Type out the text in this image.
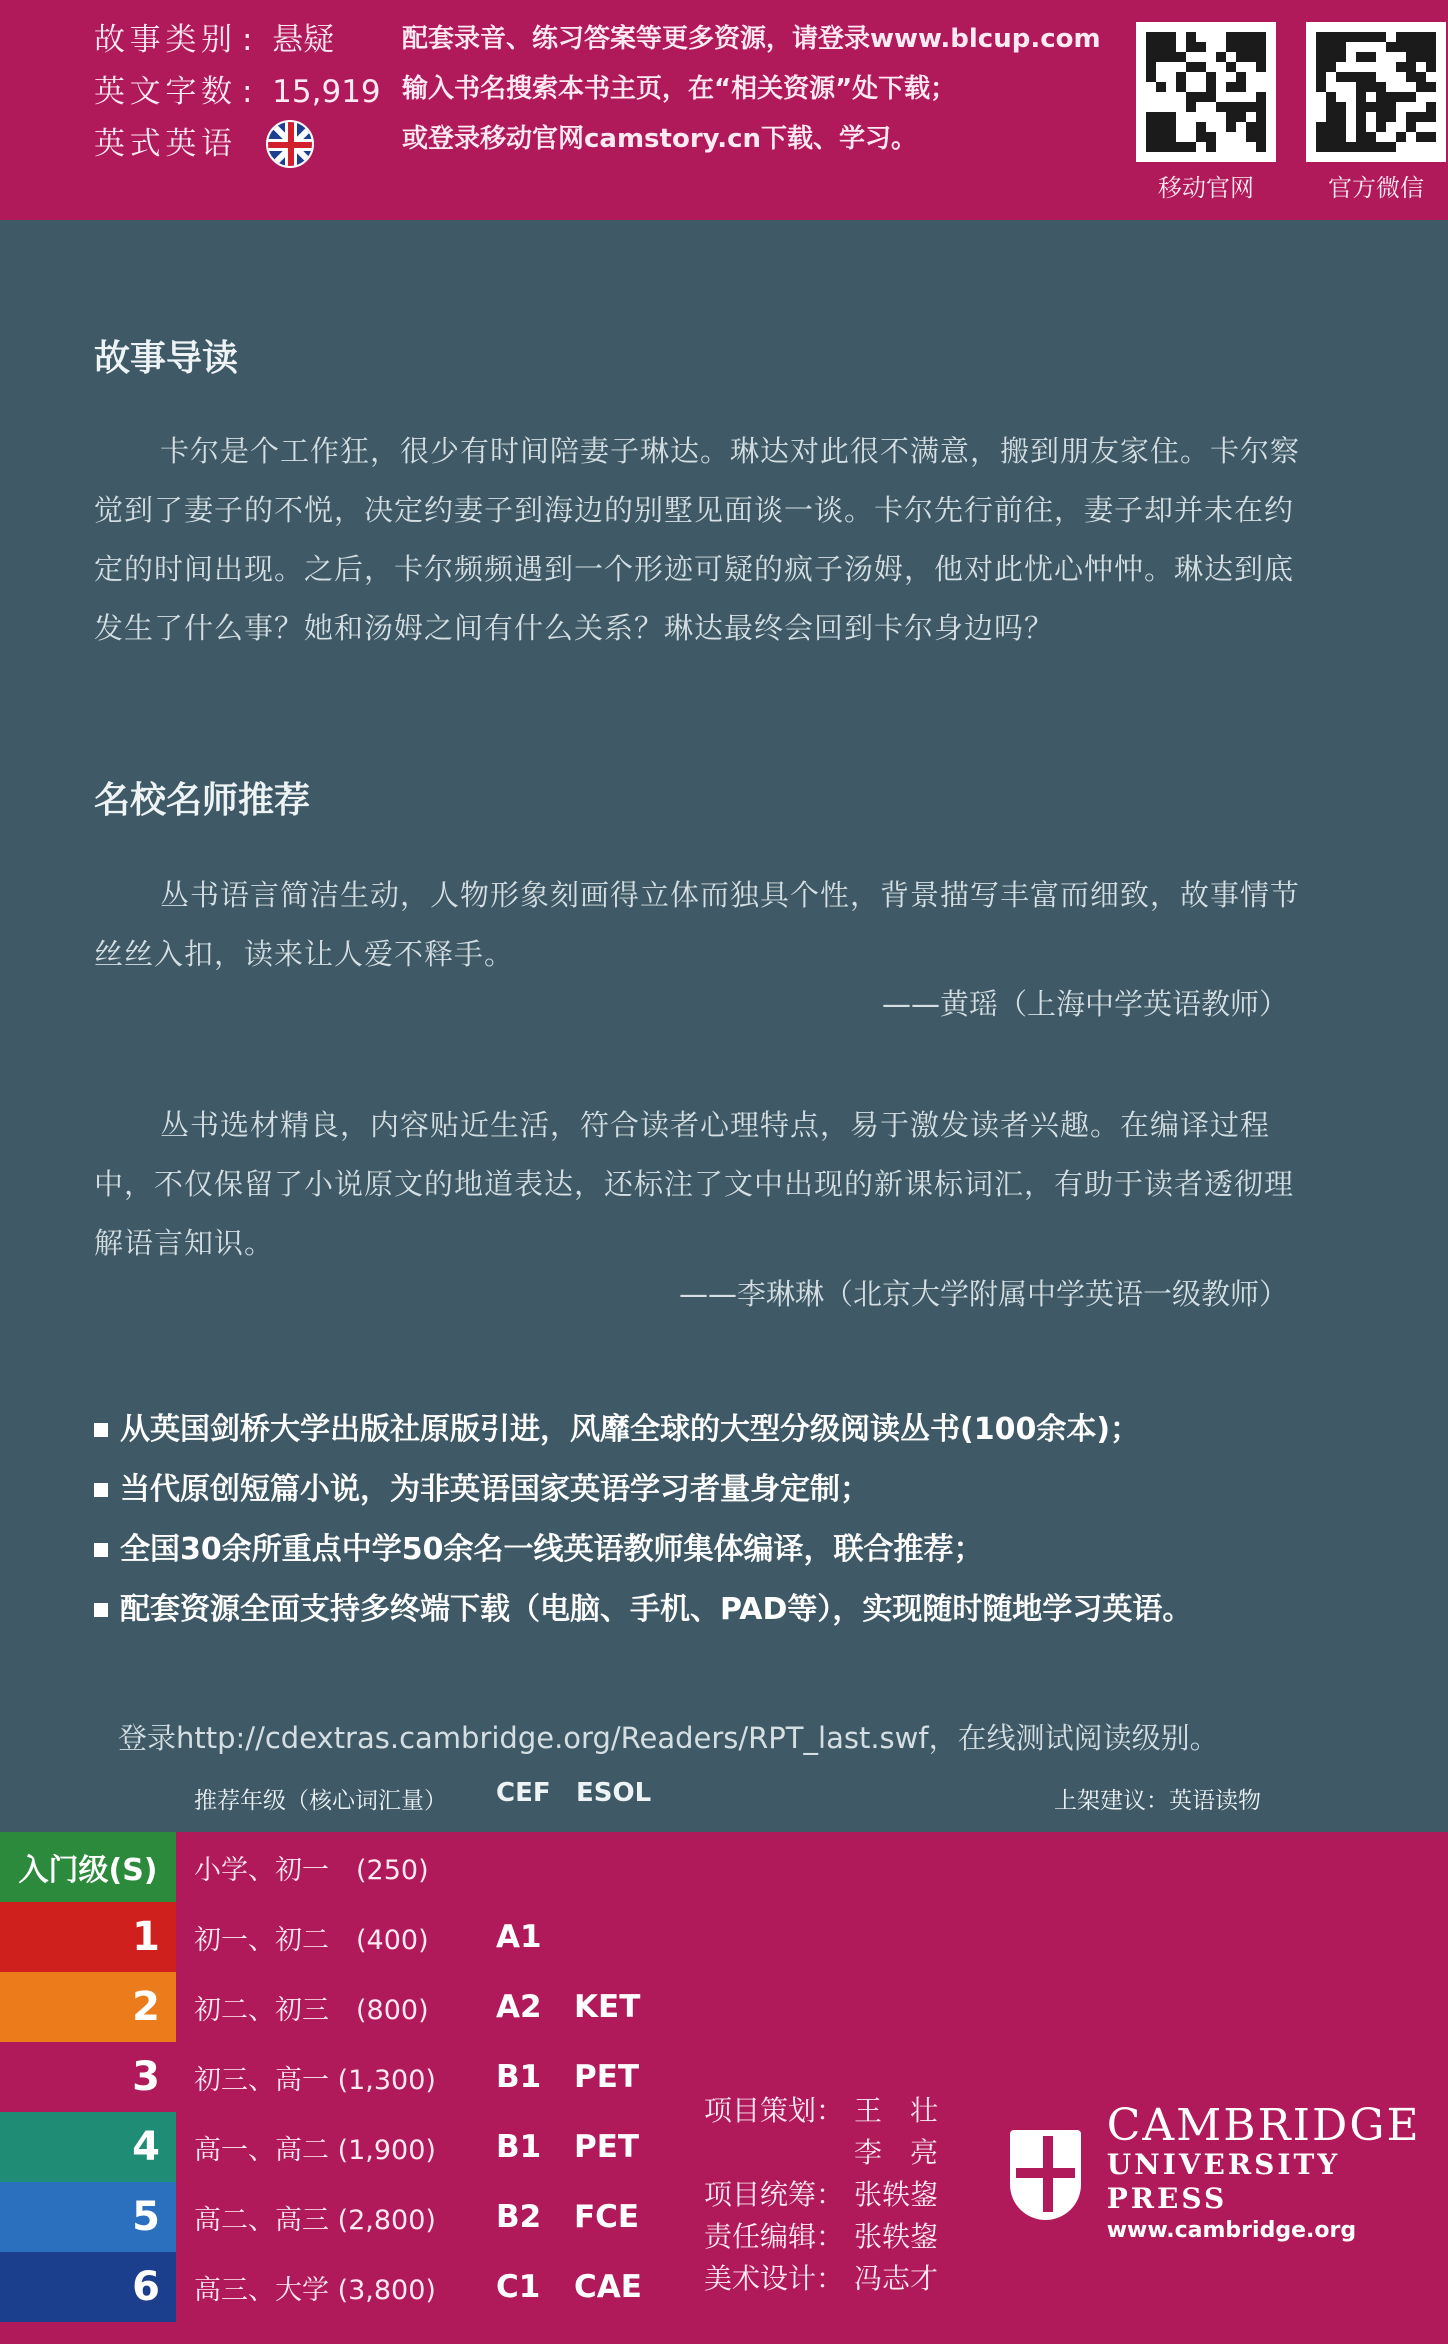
故事类别 :
悬疑
英文字数 :
15,919
英式英语
配套录音、练习答案等更多资源，请登录www.blcup.com
输入书名搜索本书主页，在“相关资源”处下载；
或登录移动官网camstory.cn下载、学习。
移动官网	官方微信
故事导读
卡尔是个工作狂，很少有时间陪妻子琳达。琳达对此很不满意，搬到朋友家住。卡尔察觉到了妻子的不悦，决定约妻子到海边的别墅见面谈一谈。卡尔先行前往，妻子却并未在约定的时间出现。之后，卡尔频频遇到一个形迹可疑的疯子汤姆，他对此忧心忡忡。琳达到底发生了什么事？她和汤姆之间有什么关系？琳达最终会回到卡尔身边吗？
名校名师推荐
丛书语言简洁生动，人物形象刻画得立体而独具个性，背景描写丰富而细致，故事情节丝丝入扣，读来让人爱不释手。
——黄瑶（上海中学英语教师）
丛书选材精良，内容贴近生活，符合读者心理特点，易于激发读者兴趣。在编译过程中，不仅保留了小说原文的地道表达，还标注了文中出现的新课标词汇，有助于读者透彻理解语言知识。
——李琳琳（北京大学附属中学英语一级教师）
从英国剑桥大学出版社原版引进，风靡全球的大型分级阅读丛书(100余本)；
当代原创短篇小说，为非英语国家英语学习者量身定制；
全国30余所重点中学50余名一线英语教师集体编译，联合推荐；
配套资源全面支持多终端下载（电脑、手机、PAD等），实现随时随地学习英语。
登录http://cdextras.cambridge.org/Readers/RPT_last.swf，在线测试阅读级别。
推荐年级（核心词汇量） CEF ESOL	上架建议：英语读物
入门级(S)	小学、初一　(250)
1	初一、初二　(400)	A1
2	初二、初三　(800)	A2	KET
3	初三、高一 (1,300)	B1	PET
4	高一、高二 (1,900)	B1	PET
5	高二、高三 (2,800)	B2	FCE
6	高三、大学 (3,800)	C1	CAE
项目策划： 王　壮
李　亮
项目统筹： 张轶鋆
责任编辑： 张轶鋆
美术设计： 冯志才
CAMBRIDGE
UNIVERSITY PRESS
www.cambridge.org
